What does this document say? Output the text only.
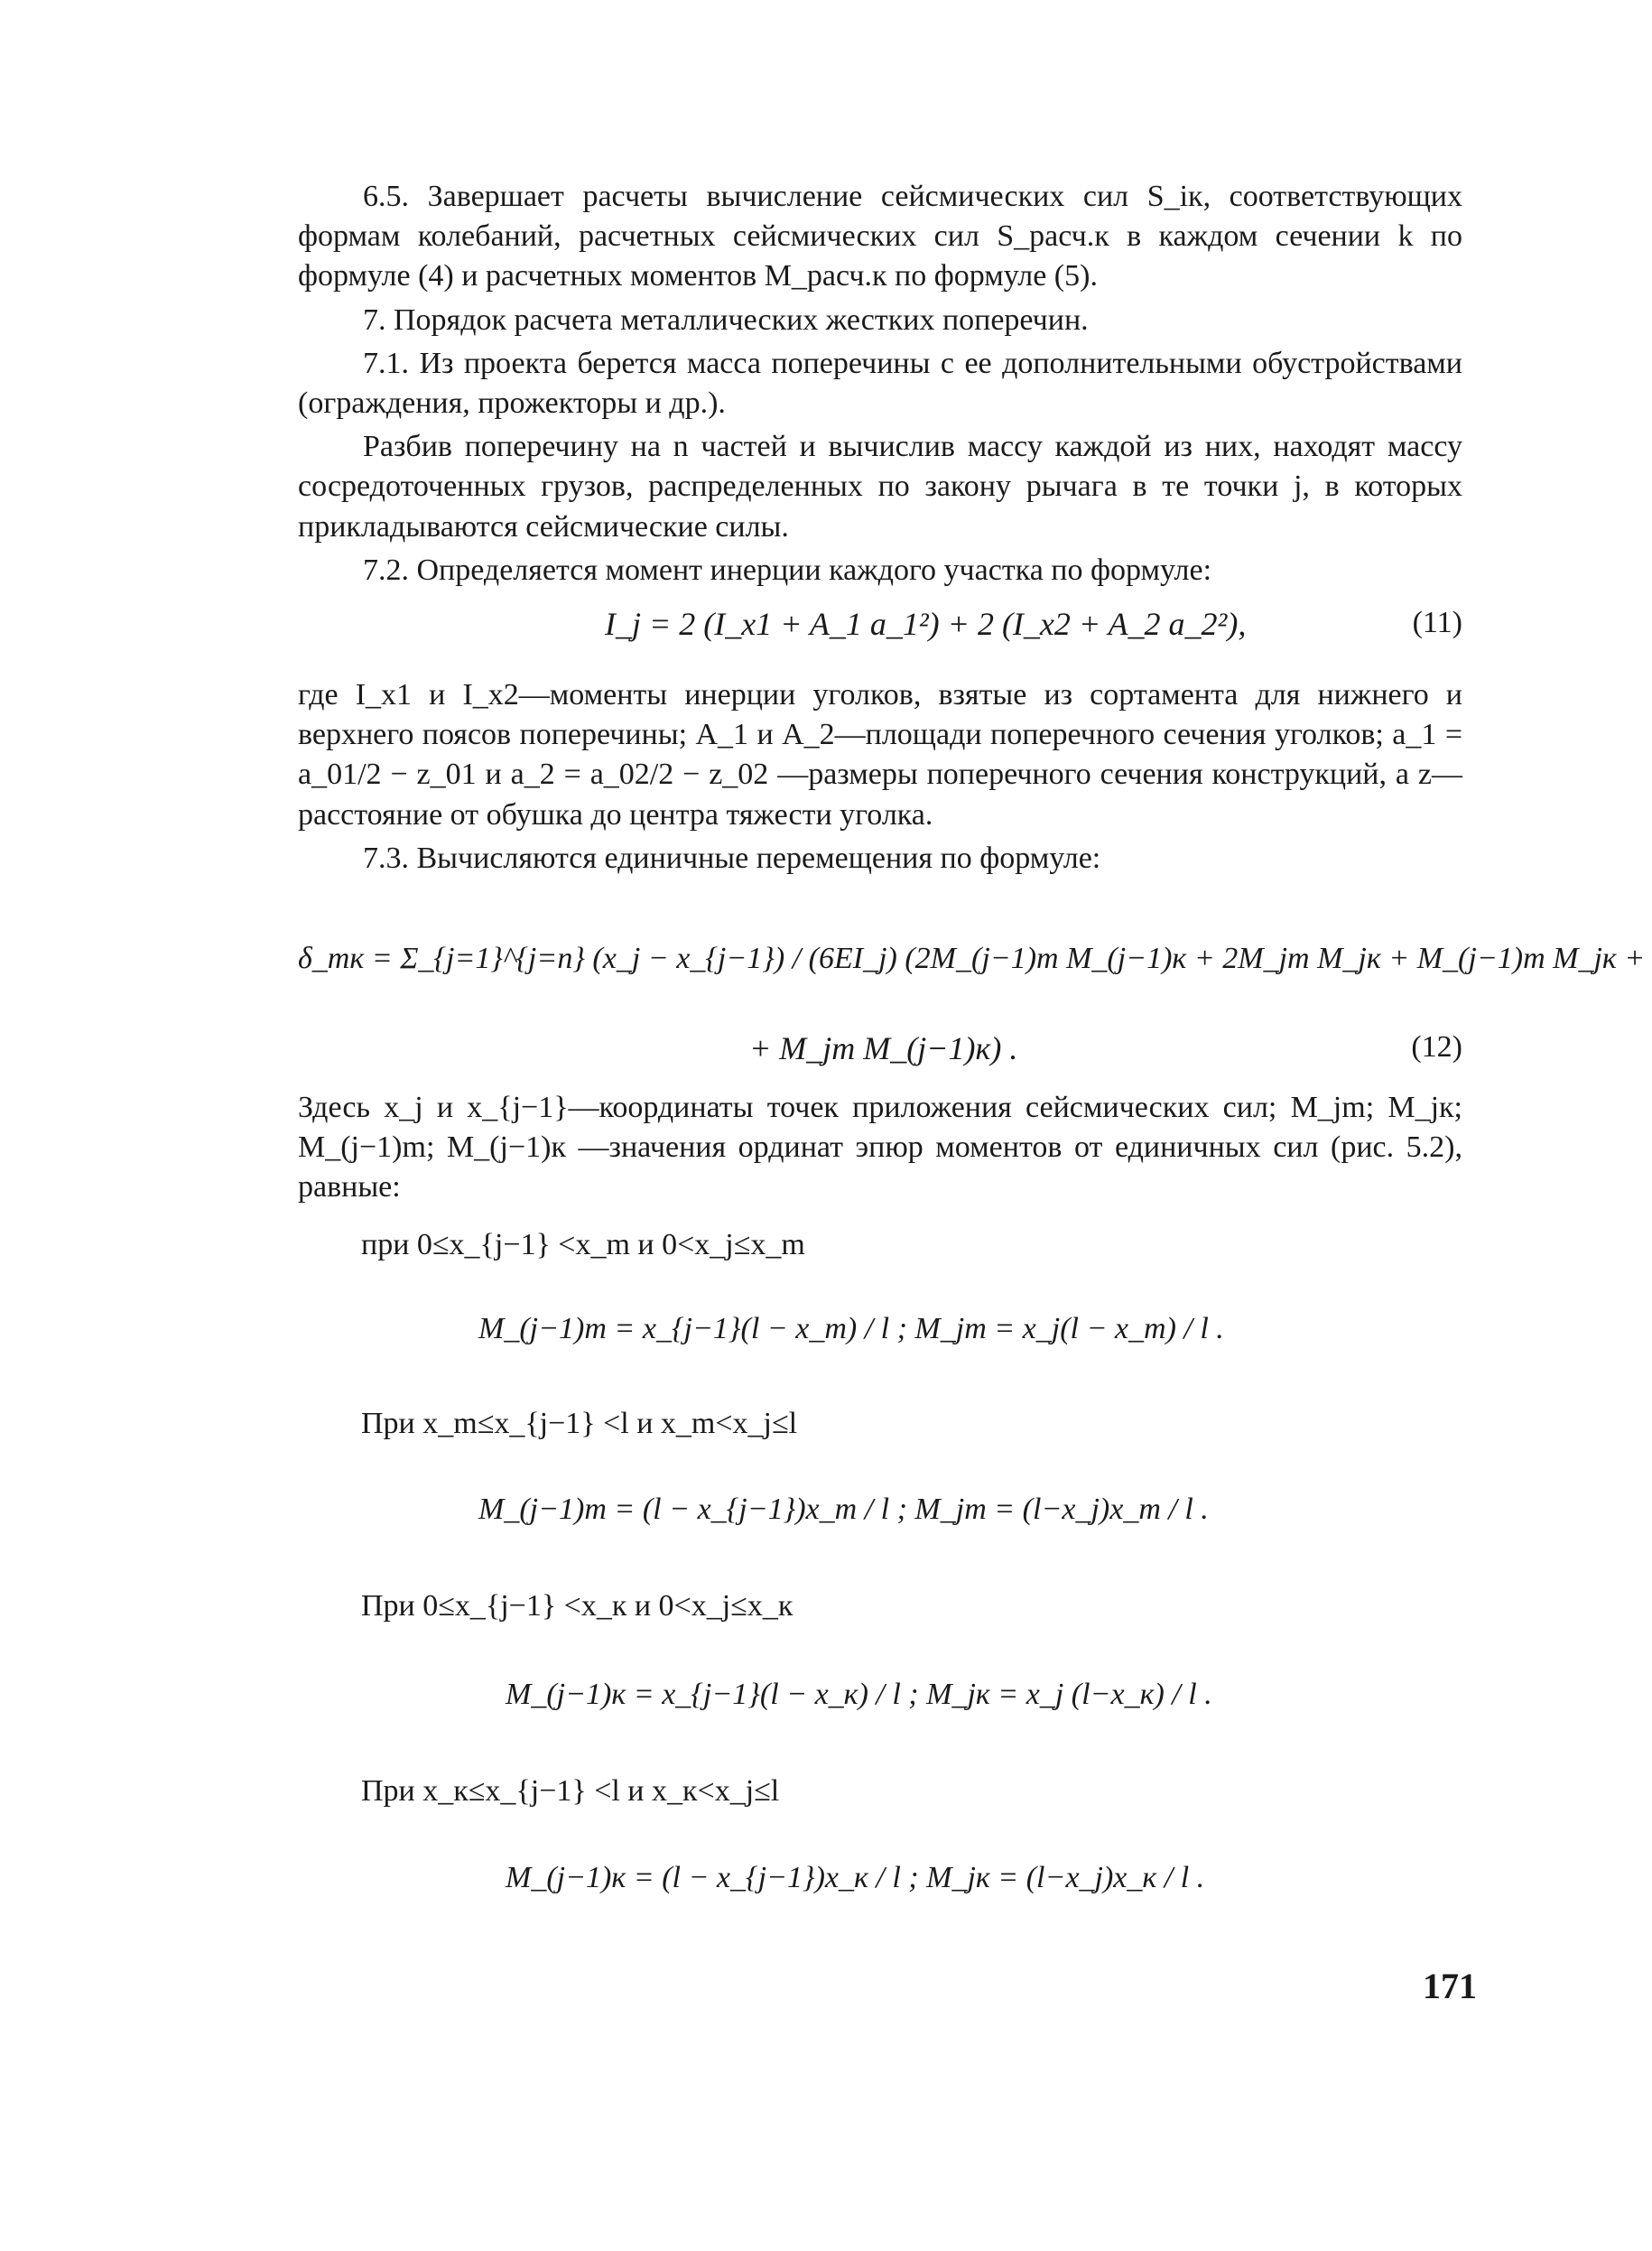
6.5. Завершает расчеты вычисление сейсмических сил S_iк, соответствующих формам колебаний, расчетных сейсмических сил S_расч.к в каждом сечении k по формуле (4) и расчетных моментов M_расч.к по формуле (5).

7. Порядок расчета металлических жестких поперечин.

7.1. Из проекта берется масса поперечины с ее дополнительными обустройствами (ограждения, прожекторы и др.).

Разбив поперечину на n частей и вычислив массу каждой из них, находят массу сосредоточенных грузов, распределенных по закону рычага в те точки j, в которых прикладываются сейсмические силы.

7.2. Определяется момент инерции каждого участка по формуле:

I_j = 2 (I_x1 + A_1 a_1²) + 2 (I_x2 + A_2 a_2²),	(11)

где I_x1 и I_x2—моменты инерции уголков, взятые из сортамента для нижнего и верхнего поясов поперечины; A_1 и A_2—площади поперечного сечения уголков; a_1 = a_01/2 − z_01 и a_2 = a_02/2 − z_02 —размеры поперечного сечения конструкций, а z—расстояние от обушка до центра тяжести уголка.

7.3. Вычисляются единичные перемещения по формуле:

δ_mк = Σ_{j=1}^{j=n} (x_j − x_{j−1}) / (6EI_j) (2M_(j−1)m M_(j−1)к + 2M_jm M_jк + M_(j−1)m M_jк +
+ M_jm M_(j−1)к) .	(12)

Здесь x_j и x_{j−1}—координаты точек приложения сейсмических сил; M_jm; M_jк; M_(j−1)m; M_(j−1)к —значения ординат эпюр моментов от единичных сил (рис. 5.2), равные:

при 0≤x_{j−1} <x_m и 0<x_j≤x_m
M_(j−1)m = x_{j−1}(l − x_m) / l ; M_jm = x_j(l − x_m) / l .
При x_m≤x_{j−1} <l и x_m<x_j≤l
M_(j−1)m = (l − x_{j−1})x_m / l ; M_jm = (l−x_j)x_m / l .
При 0≤x_{j−1} <x_к и 0<x_j≤x_к
M_(j−1)к = x_{j−1}(l − x_к) / l ; M_jк = x_j (l−x_к) / l .
При x_к≤x_{j−1} <l и x_к<x_j≤l
M_(j−1)к = (l − x_{j−1})x_к / l ; M_jк = (l−x_j)x_к / l .
171
